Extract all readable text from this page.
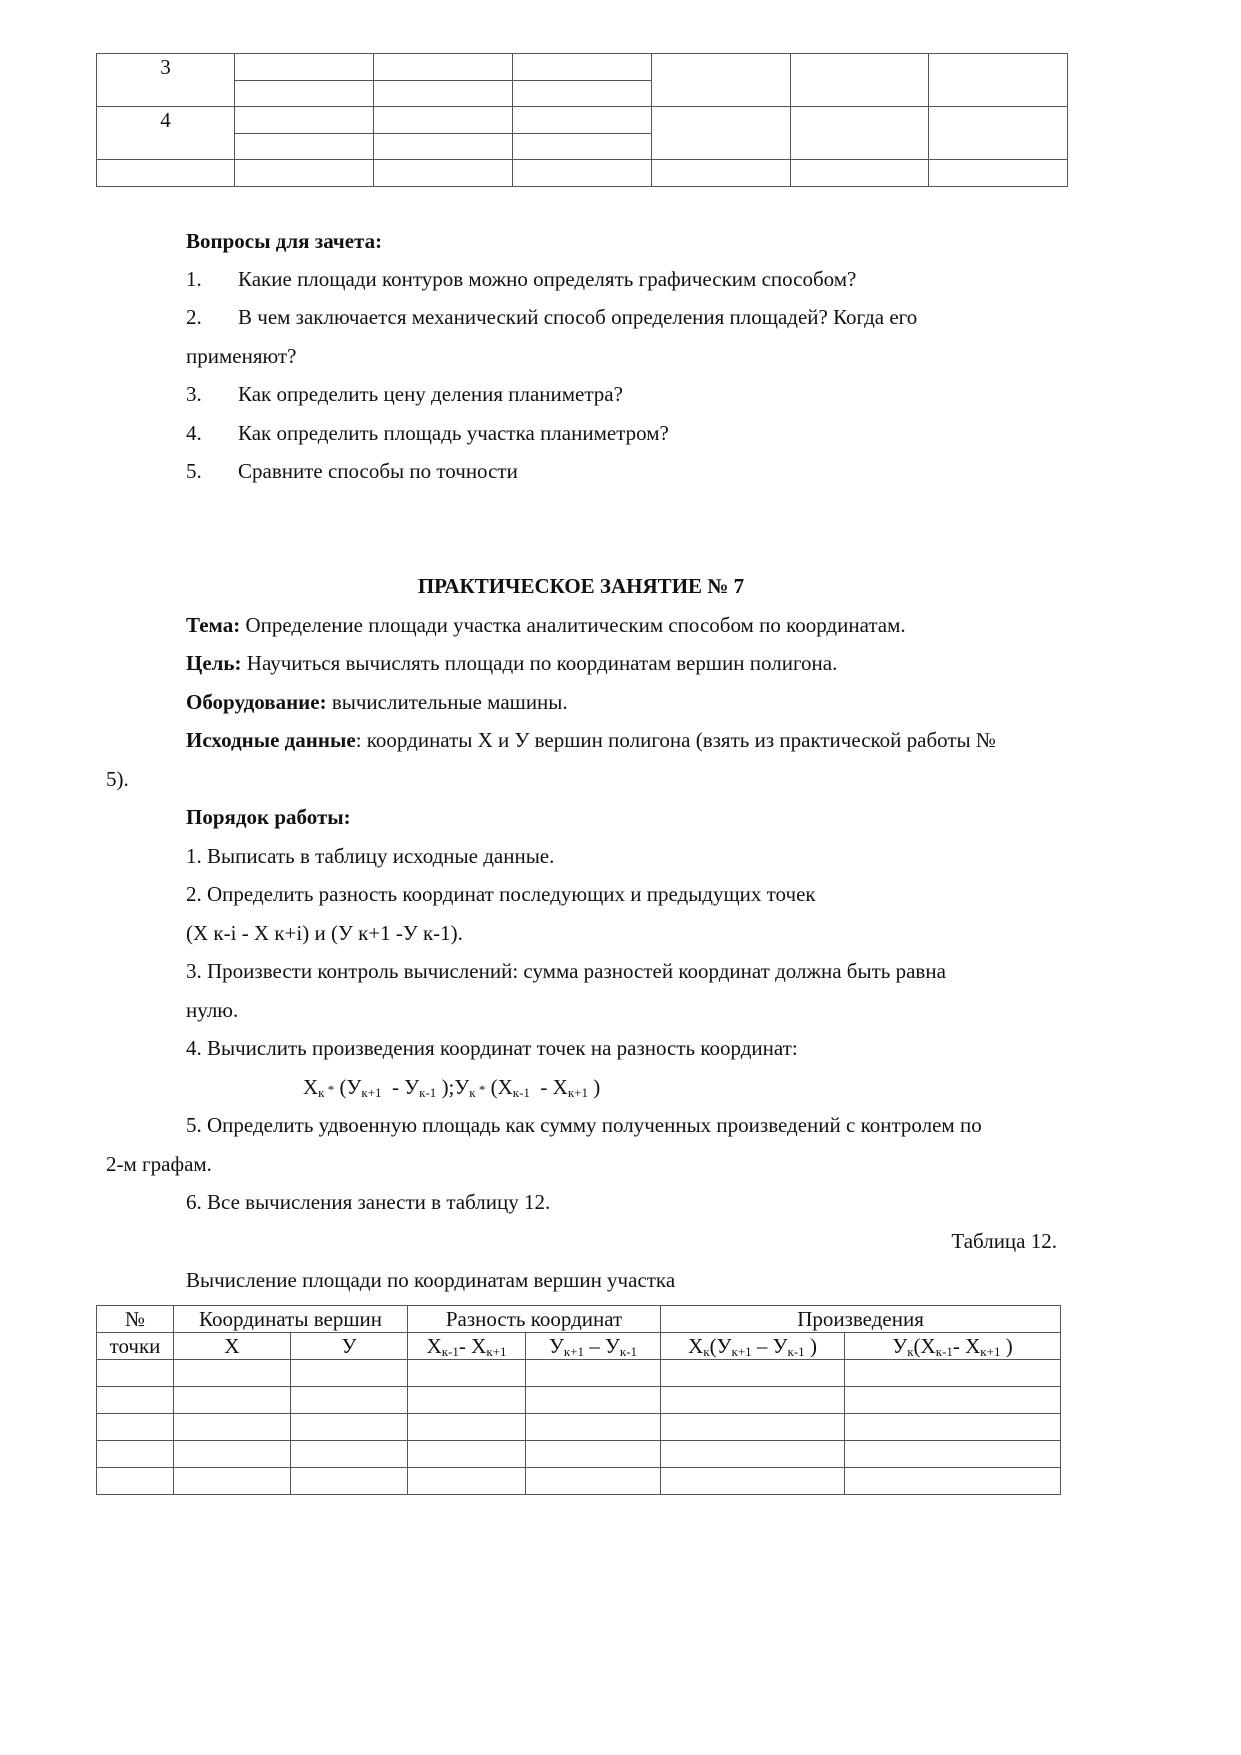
3						

4						

Вопросы для зачета:
1. Какие площади контуров можно определять графическим способом?
2. В чем заключается механический способ определения площадей? Когда его
применяют?
3. Как определить цену деления планиметра?
4. Как определить площадь участка планиметром?
5. Сравните способы по точности
ПРАКТИЧЕСКОЕ ЗАНЯТИЕ № 7
Тема: Определение площади участка аналитическим способом по координатам.
Цель: Научиться вычислять площади по координатам вершин полигона.
Оборудование: вычислительные машины.
Исходные данные: координаты Х и У вершин полигона (взять из практической работы №
5).
Порядок работы:
1. Выписать в таблицу исходные данные.
2. Определить разность координат последующих и предыдущих точек
(Х к-i - Х к+i) и (У к+1 -У к-1).
3. Произвести контроль вычислений: сумма разностей координат должна быть равна
нулю.
4. Вычислить произведения координат точек на разность координат:
$Х_к * (У_{к+1} - У_{к-1}$ )$;У_к * (Х_{к-1} - Х_{к+1}$ )
5. Определить удвоенную площадь как сумму полученных произведений с контролем по
2-м графам.
6. Все вычисления занести в таблицу 12.
Таблица 12.
Вычисление площади по координатам вершин участка
№	Координаты вершин		Разность координат		Произведения	
точки	Х	У	$Х_{к-1}-$ $Х_{к+1}$	$У_{к+1} - У_{к-1}$	$Х_к(У_{к+1} - У_{к-1}$ )	$У_к(Х_{к-1}-$ $Х_{к+1}$ )
